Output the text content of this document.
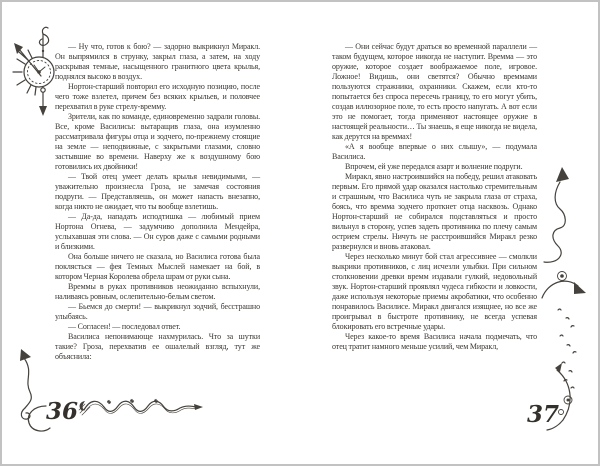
— Ну что, готов к бою? — задорно выкрикнул Миракл. Он выпрямился в струнку, закрыл глаза, а затем, на ходу раскрывая темные, насыщенного гранитного цвета крылья, поднялся высоко в воздух.

Нортон-старший повторил его исходную позицию, после чего тоже взлетел, причем без всяких крыльев, и половчее перехватил в руке стрелу-времму.

Зрители, как по команде, единовременно задрали головы. Все, кроме Василисы: вытаращив глаза, она изумленно рассматривала фигуры отца и зодчего, по-прежнему стоящие на земле — неподвижные, с закрытыми глазами, словно застывшие во времени. Наверху же к воздушному бою готовились их двойники!

— Твой отец умеет делать крылья невидимыми, — уважительно произнесла Гроза, не замечая состояния подруги. — Представляешь, он может напасть внезапно, когда никто не ожидает, что ты вообще взлетишь.

— Да-да, нападать исподтишка — любимый прием Нортона Огнева, — задумчиво дополнила Мендейра, услыхавшая эти слова. — Он суров даже с самыми родными и близкими.

Она больше ничего не сказала, но Василиса готова была поклясться — фея Темных Мыслей намекает на бой, в котором Черная Королева обрела шрам от руки сына.

Времмы в руках противников неожиданно вспыхнули, наливаясь ровным, ослепительно-белым светом.

— Бьемся до смерти! — выкрикнул зодчий, бесстрашно улыбаясь.

— Согласен! — последовал ответ.

Василиса непонимающе нахмурилась. Что за шутки такие? Гроза, перехватив ее ошалелый взгляд, тут же объяснила:

36

— Они сейчас будут драться во временной параллели — таком будущем, которое никогда не наступит. Времма — это оружие, которое создает воображаемое поле, игровое. Ложное! Видишь, они светятся? Обычно времмами пользуются стражники, охранники. Скажем, если кто-то попытается без спроса пересечь границу, то его могут убить, создав иллюзорное поле, то есть просто напугать. А вот если это не помогает, тогда применяют настоящее оружие в настоящей реальности… Ты знаешь, я еще никогда не видела, как дерутся на времмах!

«А я вообще впервые о них слышу», — подумала Василиса.

Впрочем, ей уже передался азарт и волнение подруги.

Миракл, явно настроившийся на победу, решил атаковать первым. Его прямой удар оказался настолько стремительным и страшным, что Василиса чуть не закрыла глаза от страха, боясь, что времма зодчего проткнет отца насквозь. Однако Нортон-старший не собирался подставляться и просто вильнул в сторону, успев задеть противника по плечу самым острием стрелы. Ничуть не расстроившийся Миракл резко развернулся и вновь атаковал.

Через несколько минут бой стал агрессивнее — смолкли выкрики противников, с лиц исчезли улыбки. При сильном столкновении древки времм издавали гулкий, недовольный звук. Нортон-старший проявлял чудеса гибкости и ловкости, даже используя некоторые приемы акробатики, что особенно понравилось Василисе. Миракл двигался изящнее, но все же проигрывал в быстроте противнику, не всегда успевая блокировать его встречные удары.

Через какое-то время Василиса начала подмечать, что отец тратит намного меньше усилий, чем Миракл,

37
